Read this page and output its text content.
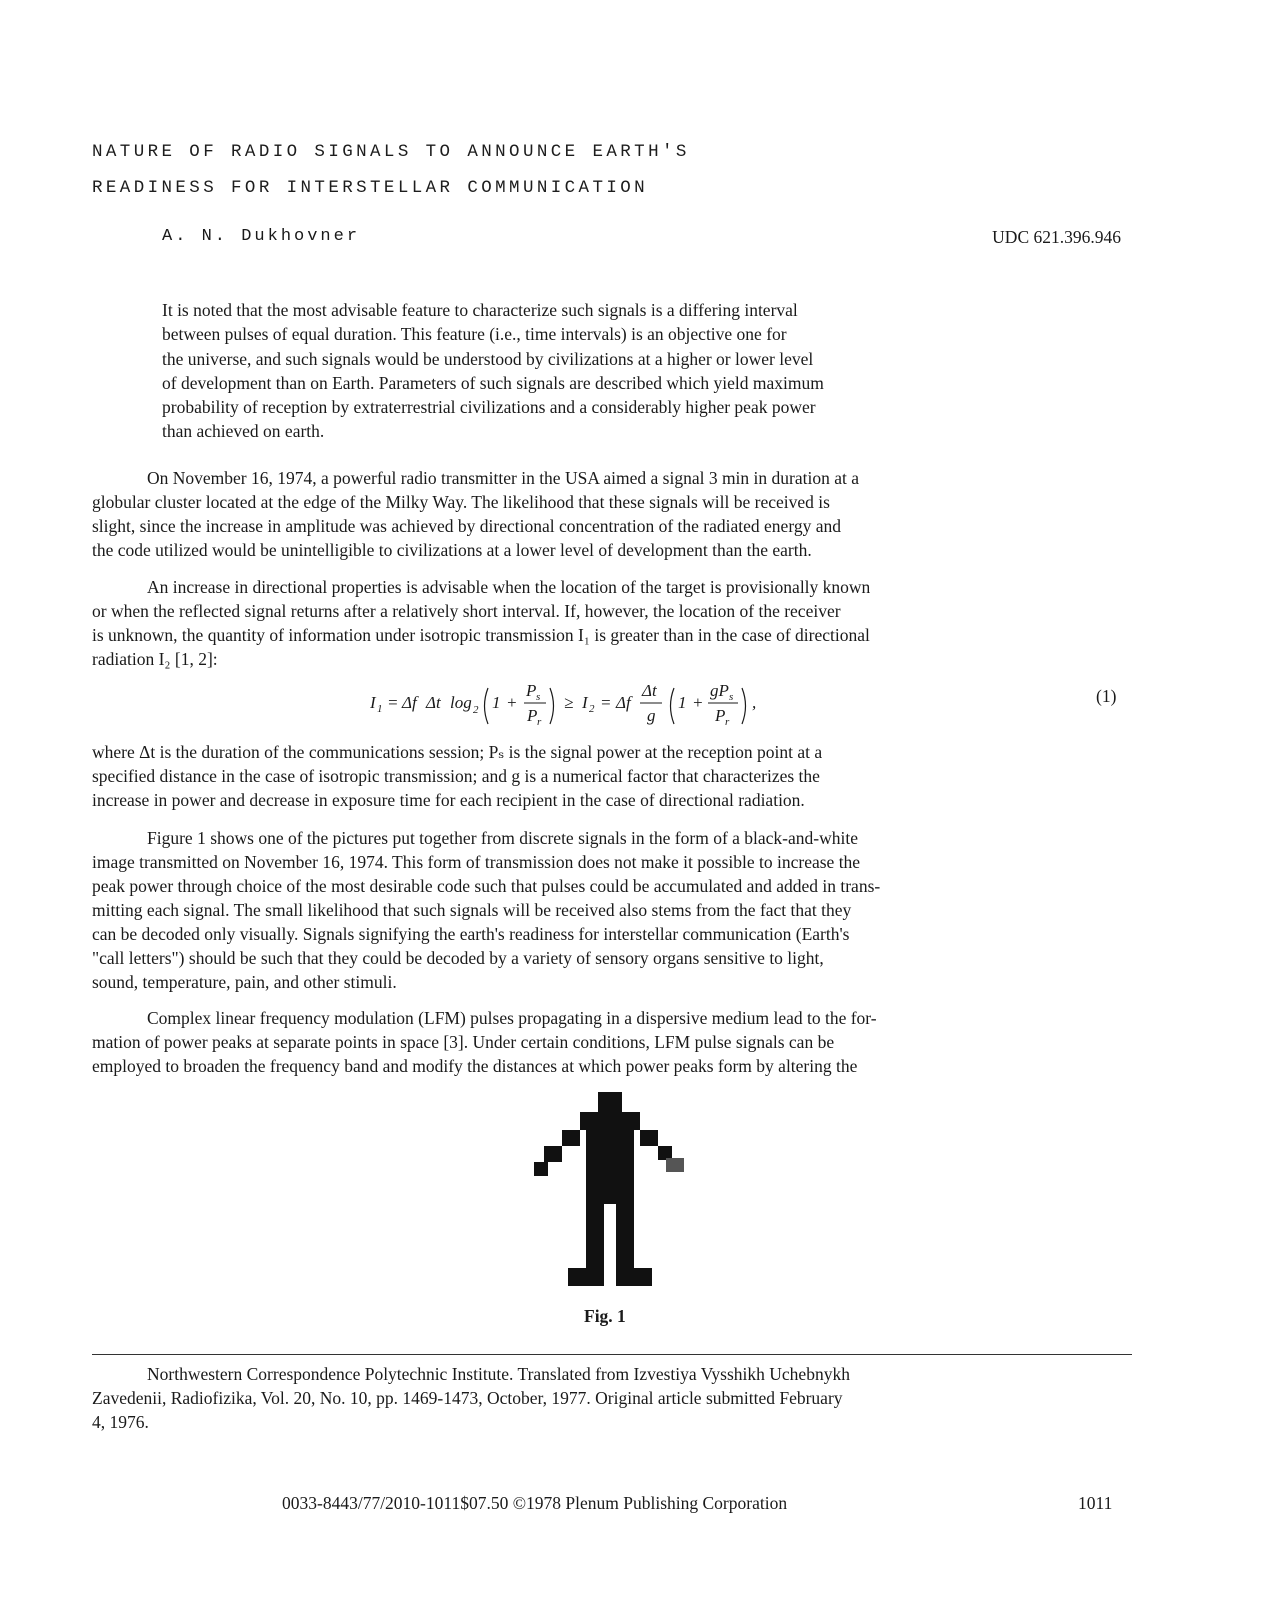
NATURE OF RADIO SIGNALS TO ANNOUNCE EARTH'S
READINESS FOR INTERSTELLAR COMMUNICATION
A. N. Dukhovner	UDC 621.396.946
It is noted that the most advisable feature to characterize such signals is a differing interval
between pulses of equal duration. This feature (i.e., time intervals) is an objective one for
the universe, and such signals would be understood by civilizations at a higher or lower level
of development than on Earth. Parameters of such signals are described which yield maximum
probability of reception by extraterrestrial civilizations and a considerably higher peak power
than achieved on earth.
On November 16, 1974, a powerful radio transmitter in the USA aimed a signal 3 min in duration at a
globular cluster located at the edge of the Milky Way. The likelihood that these signals will be received is
slight, since the increase in amplitude was achieved by directional concentration of the radiated energy and
the code utilized would be unintelligible to civilizations at a lower level of development than the earth.
An increase in directional properties is advisable when the location of the target is provisionally known
or when the reflected signal returns after a relatively short interval. If, however, the location of the receiver
is unknown, the quantity of information under isotropic transmission I₁ is greater than in the case of directional
radiation I₂ [1, 2]:
I 1 = Δf Δt log 2 1 +
P s
P r
≥ I 2 = Δf
Δt
g
1 +
gP s
P r
,	(1)
where Δt is the duration of the communications session; Pₛ is the signal power at the reception point at a
specified distance in the case of isotropic transmission; and g is a numerical factor that characterizes the
increase in power and decrease in exposure time for each recipient in the case of directional radiation.
Figure 1 shows one of the pictures put together from discrete signals in the form of a black-and-white
image transmitted on November 16, 1974. This form of transmission does not make it possible to increase the
peak power through choice of the most desirable code such that pulses could be accumulated and added in trans-
mitting each signal. The small likelihood that such signals will be received also stems from the fact that they
can be decoded only visually. Signals signifying the earth's readiness for interstellar communication (Earth's
"call letters") should be such that they could be decoded by a variety of sensory organs sensitive to light,
sound, temperature, pain, and other stimuli.
Complex linear frequency modulation (LFM) pulses propagating in a dispersive medium lead to the for-
mation of power peaks at separate points in space [3]. Under certain conditions, LFM pulse signals can be
employed to broaden the frequency band and modify the distances at which power peaks form by altering the
Fig. 1
Northwestern Correspondence Polytechnic Institute. Translated from Izvestiya Vysshikh Uchebnykh
Zavedenii, Radiofizika, Vol. 20, No. 10, pp. 1469-1473, October, 1977. Original article submitted February
4, 1976.
0033-8443/77/2010-1011$07.50 ©1978 Plenum Publishing Corporation	1011
